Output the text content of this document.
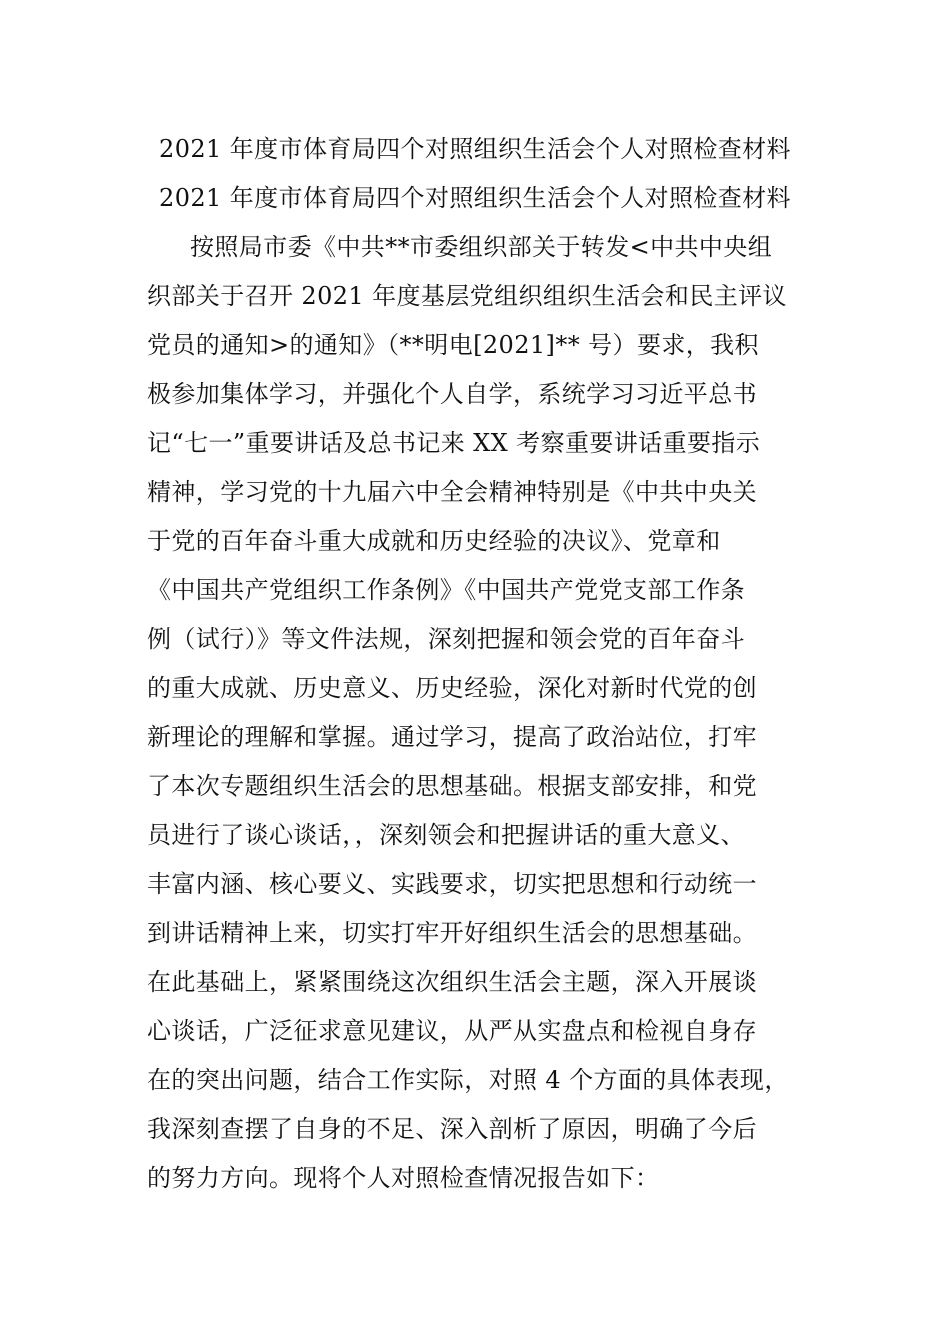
2021 年度市体育局四个对照组织生活会个人对照检查材料
2021 年度市体育局四个对照组织生活会个人对照检查材料
按照局市委《中共**市委组织部关于转发<中共中央组
织部关于召开 2021 年度基层党组织组织生活会和民主评议
党员的通知>的通知》（**明电[2021]** 号）要求，我积
极参加集体学习，并强化个人自学，系统学习习近平总书
记“七一”重要讲话及总书记来 XX 考察重要讲话重要指示
精神，学习党的十九届六中全会精神特别是《中共中央关
于党的百年奋斗重大成就和历史经验的决议》、党章和
《中国共产党组织工作条例》《中国共产党党支部工作条
例（试行）》等文件法规，深刻把握和领会党的百年奋斗
的重大成就、历史意义、历史经验，深化对新时代党的创
新理论的理解和掌握。通过学习，提高了政治站位，打牢
了本次专题组织生活会的思想基础。根据支部安排，和党
员进行了谈心谈话，，深刻领会和把握讲话的重大意义、
丰富内涵、核心要义、实践要求，切实把思想和行动统一
到讲话精神上来，切实打牢开好组织生活会的思想基础。
在此基础上，紧紧围绕这次组织生活会主题，深入开展谈
心谈话，广泛征求意见建议，从严从实盘点和检视自身存
在的突出问题，结合工作实际，对照 4 个方面的具体表现，
我深刻查摆了自身的不足、深入剖析了原因，明确了今后
的努力方向。现将个人对照检查情况报告如下：
